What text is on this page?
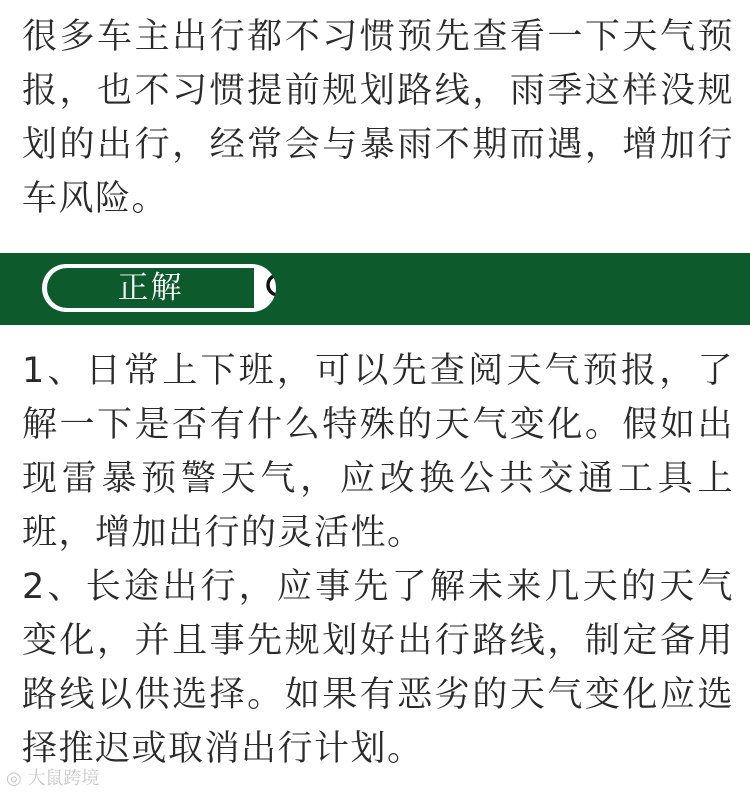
很多车主出行都不习惯预先查看一下天气预报，也不习惯提前规划路线，雨季这样没规划的出行，经常会与暴雨不期而遇，增加行车风险。

正解

1、日常上下班，可以先查阅天气预报，了解一下是否有什么特殊的天气变化。假如出现雷暴预警天气，应改换公共交通工具上班，增加出行的灵活性。

2、长途出行，应事先了解未来几天的天气变化，并且事先规划好出行路线，制定备用路线以供选择。如果有恶劣的天气变化应选择推迟或取消出行计划。

◎ 大鼠跨境
